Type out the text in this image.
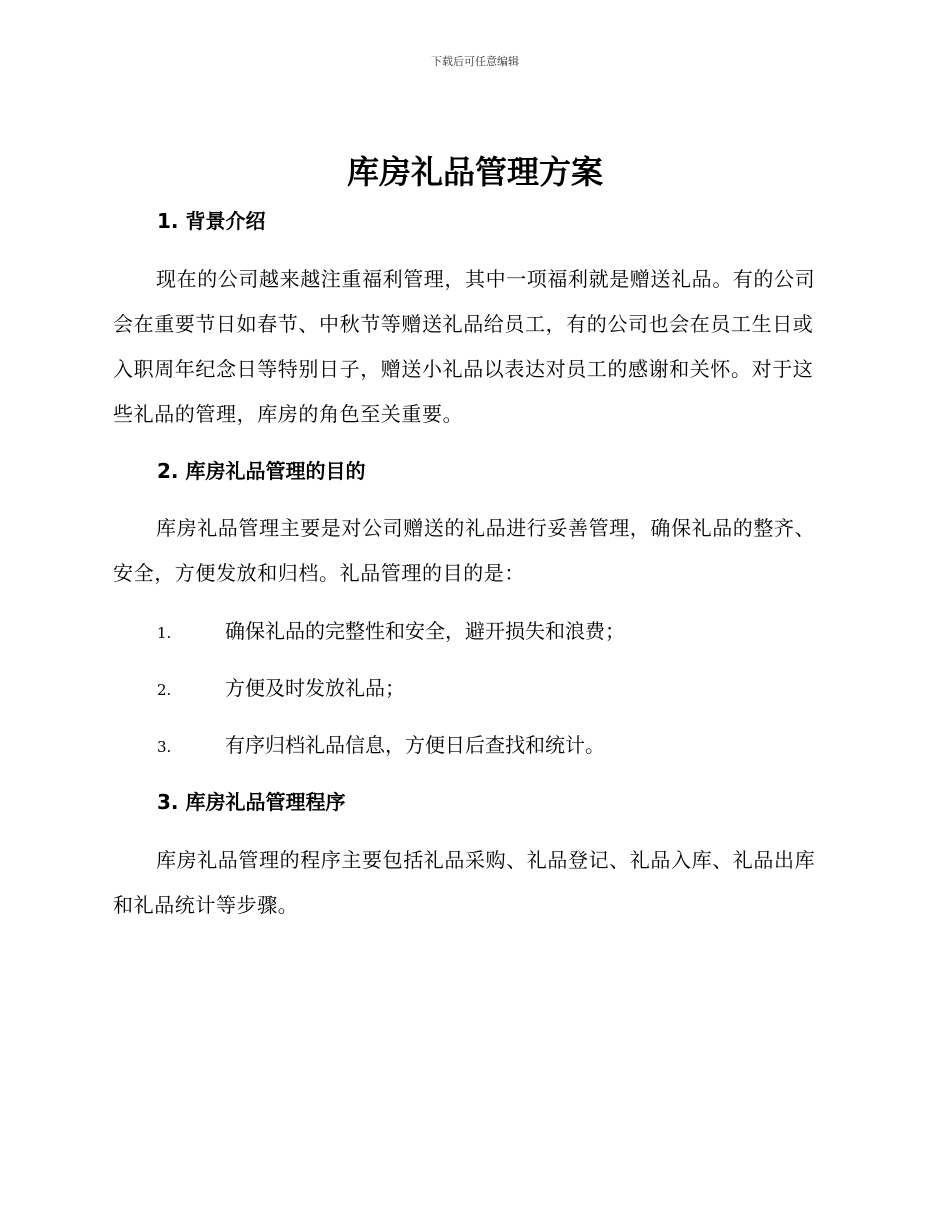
下载后可任意编辑
库房礼品管理方案
1. 背景介绍

现在的公司越来越注重福利管理，其中一项福利就是赠送礼品。有的公司会在重要节日如春节、中秋节等赠送礼品给员工，有的公司也会在员工生日或入职周年纪念日等特别日子，赠送小礼品以表达对员工的感谢和关怀。对于这些礼品的管理，库房的角色至关重要。

2. 库房礼品管理的目的

库房礼品管理主要是对公司赠送的礼品进行妥善管理，确保礼品的整齐、安全，方便发放和归档。礼品管理的目的是：

1.	确保礼品的完整性和安全，避开损失和浪费；
2.	方便及时发放礼品；
3.	有序归档礼品信息，方便日后查找和统计。
3. 库房礼品管理程序

库房礼品管理的程序主要包括礼品采购、礼品登记、礼品入库、礼品出库和礼品统计等步骤。
